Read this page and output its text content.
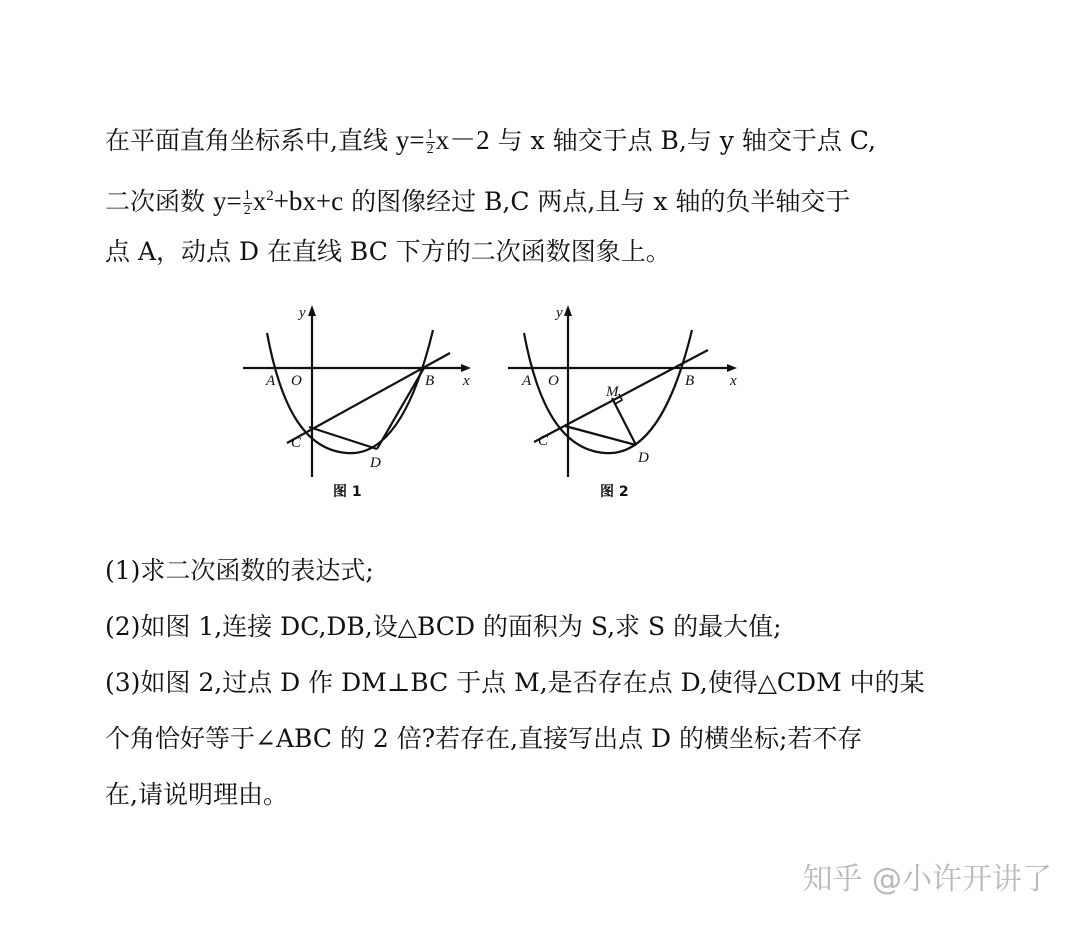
在平面直角坐标系中,直线 $y= \frac{1}{2} x-2$ 与 x 轴交于点 B,与 y 轴交于点 C,
二次函数 $y= \frac{1}{2} x^2+bx+c$ 的图像经过 B,C 两点,且与 x 轴的负半轴交于
点 A，动点 D 在直线 BC 下方的二次函数图象上。
y
x
A O	B
C
D
图 1
y
x
A O	B
M
C
D
图 2
(1)求二次函数的表达式;
(2)如图 1,连接 DC,DB,设△BCD 的面积为 S,求 S 的最大值;
(3)如图 2,过点 D 作 DM⊥BC 于点 M,是否存在点 D,使得△CDM 中的某
个角恰好等于∠ABC 的 2 倍?若存在,直接写出点 D 的横坐标;若不存
在,请说明理由。
知乎 @小许开讲了
